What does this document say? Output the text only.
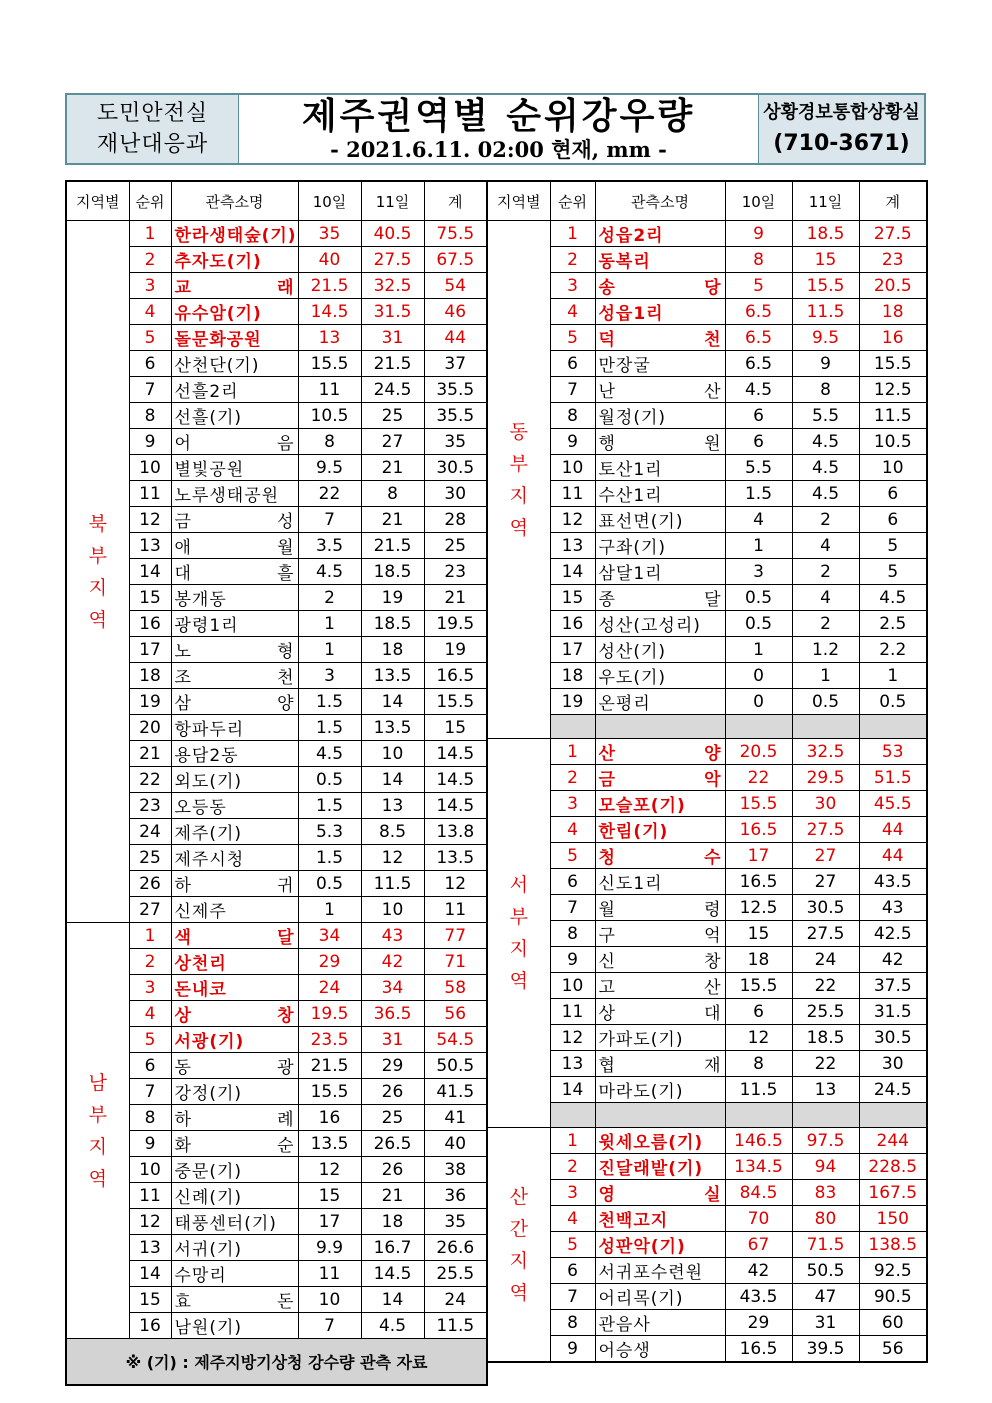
도민안전실
재난대응과
제주권역별 순위강우량
- 2021.6.11. 02:00 현재, mm -
상황경보통합상황실
(710-3671)
지역별	순위	관측소명	10일	11일	계
북부지역	1	한라생태숲(기)	35	40.5	75.5
	2	추자도(기)	40	27.5	67.5
	3	교 래	21.5	32.5	54
	4	유수암(기)	14.5	31.5	46
	5	돌문화공원	13	31	44
	6	산천단(기)	15.5	21.5	37
	7	선흘2리	11	24.5	35.5
	8	선흘(기)	10.5	25	35.5
	9	어 음	8	27	35
	10	별빛공원	9.5	21	30.5
	11	노루생태공원	22	8	30
	12	금 성	7	21	28
	13	애 월	3.5	21.5	25
	14	대 흘	4.5	18.5	23
	15	봉개동	2	19	21
	16	광령1리	1	18.5	19.5
	17	노 형	1	18	19
	18	조 천	3	13.5	16.5
	19	삼 양	1.5	14	15.5
	20	항파두리	1.5	13.5	15
	21	용담2동	4.5	10	14.5
	22	외도(기)	0.5	14	14.5
	23	오등동	1.5	13	14.5
	24	제주(기)	5.3	8.5	13.8
	25	제주시청	1.5	12	13.5
	26	하 귀	0.5	11.5	12
	27	신제주	1	10	11
남부지역	1	색 달	34	43	77
	2	상천리	29	42	71
	3	돈내코	24	34	58
	4	상 창	19.5	36.5	56
	5	서광(기)	23.5	31	54.5
	6	동 광	21.5	29	50.5
	7	강정(기)	15.5	26	41.5
	8	하 례	16	25	41
	9	화 순	13.5	26.5	40
	10	중문(기)	12	26	38
	11	신례(기)	15	21	36
	12	태풍센터(기)	17	18	35
	13	서귀(기)	9.9	16.7	26.6
	14	수망리	11	14.5	25.5
	15	효 돈	10	14	24
	16	남원(기)	7	4.5	11.5
※ (기) : 제주지방기상청 강수량 관측 자료					
지역별	순위	관측소명	10일	11일	계
동부지역	1	성읍2리	9	18.5	27.5
	2	동복리	8	15	23
	3	송 당	5	15.5	20.5
	4	성읍1리	6.5	11.5	18
	5	덕 천	6.5	9.5	16
	6	만장굴	6.5	9	15.5
	7	난 산	4.5	8	12.5
	8	월정(기)	6	5.5	11.5
	9	행 원	6	4.5	10.5
	10	토산1리	5.5	4.5	10
	11	수산1리	1.5	4.5	6
	12	표선면(기)	4	2	6
	13	구좌(기)	1	4	5
	14	삼달1리	3	2	5
	15	종 달	0.5	4	4.5
	16	성산(고성리)	0.5	2	2.5
	17	성산(기)	1	1.2	2.2
	18	우도(기)	0	1	1
	19	온평리	0	0.5	0.5

서부지역	1	산 양	20.5	32.5	53
	2	금 악	22	29.5	51.5
	3	모슬포(기)	15.5	30	45.5
	4	한림(기)	16.5	27.5	44
	5	청 수	17	27	44
	6	신도1리	16.5	27	43.5
	7	월 령	12.5	30.5	43
	8	구 억	15	27.5	42.5
	9	신 창	18	24	42
	10	고 산	15.5	22	37.5
	11	상 대	6	25.5	31.5
	12	가파도(기)	12	18.5	30.5
	13	협 재	8	22	30
	14	마라도(기)	11.5	13	24.5

산간지역	1	윗세오름(기)	146.5	97.5	244
	2	진달래밭(기)	134.5	94	228.5
	3	영 실	84.5	83	167.5
	4	천백고지	70	80	150
	5	성판악(기)	67	71.5	138.5
	6	서귀포수련원	42	50.5	92.5
	7	어리목(기)	43.5	47	90.5
	8	관음사	29	31	60
	9	어승생	16.5	39.5	56
